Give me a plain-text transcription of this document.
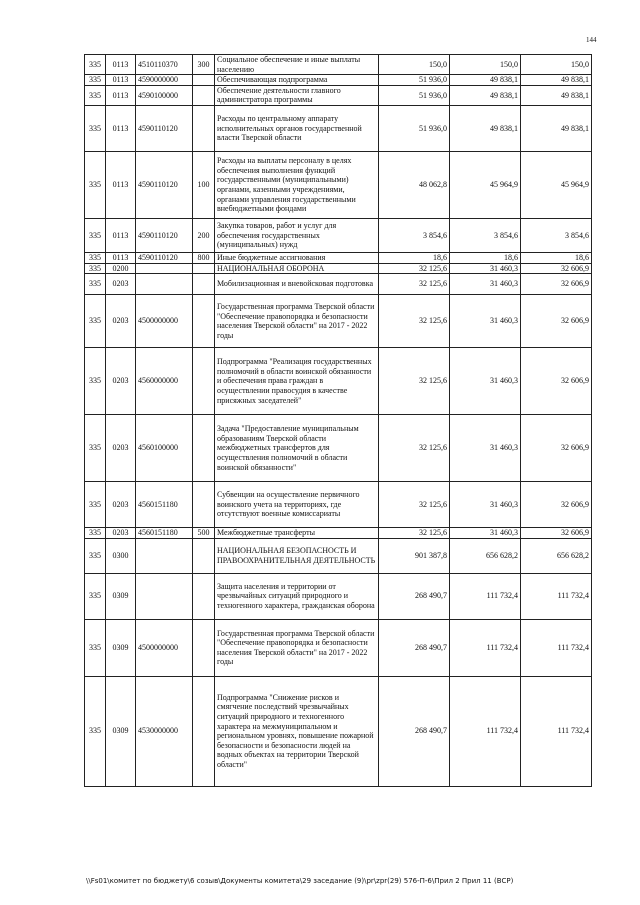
144
335	0113	4510110370	300	Социальное обеспечение и иные выплаты населению	150,0	150,0	150,0
335	0113	4590000000		Обеспечивающая подпрограмма	51 936,0	49 838,1	49 838,1
335	0113	4590100000		Обеспечение деятельности главного администратора программы	51 936,0	49 838,1	49 838,1
335	0113	4590110120		Расходы по центральному аппарату исполнительных органов государственной власти Тверской области	51 936,0	49 838,1	49 838,1
335	0113	4590110120	100	Расходы на выплаты персоналу в целях обеспечения выполнения функций государственными (муниципальными) органами, казенными учреждениями, органами управления государственными внебюджетными фондами	48 062,8	45 964,9	45 964,9
335	0113	4590110120	200	Закупка товаров, работ и услуг для обеспечения государственных (муниципальных) нужд	3 854,6	3 854,6	3 854,6
335	0113	4590110120	800	Иные бюджетные ассигнования	18,6	18,6	18,6
335	0200			НАЦИОНАЛЬНАЯ ОБОРОНА	32 125,6	31 460,3	32 606,9
335	0203			Мобилизационная и вневойсковая подготовка	32 125,6	31 460,3	32 606,9
335	0203	4500000000		Государственная программа Тверской области "Обеспечение правопорядка и безопасности населения Тверской области" на 2017 - 2022 годы	32 125,6	31 460,3	32 606,9
335	0203	4560000000		Подпрограмма "Реализация государственных полномочий в области воинской обязанности и обеспечения права граждан в осуществлении правосудия в качестве присяжных заседателей"	32 125,6	31 460,3	32 606,9
335	0203	4560100000		Задача "Предоставление муниципальным образованиям Тверской области межбюджетных трансфертов для осуществления полномочий в области воинской обязанности"	32 125,6	31 460,3	32 606,9
335	0203	4560151180		Субвенции на осуществление первичного воинского учета на территориях, где отсутствуют военные комиссариаты	32 125,6	31 460,3	32 606,9
335	0203	4560151180	500	Межбюджетные трансферты	32 125,6	31 460,3	32 606,9
335	0300			НАЦИОНАЛЬНАЯ БЕЗОПАСНОСТЬ И ПРАВООХРАНИТЕЛЬНАЯ ДЕЯТЕЛЬНОСТЬ	901 387,8	656 628,2	656 628,2
335	0309			Защита населения и территории от чрезвычайных ситуаций природного и техногенного характера, гражданская оборона	268 490,7	111 732,4	111 732,4
335	0309	4500000000		Государственная программа Тверской области "Обеспечение правопорядка и безопасности населения Тверской области" на 2017 - 2022 годы	268 490,7	111 732,4	111 732,4
335	0309	4530000000		Подпрограмма "Снижение рисков и смягчение последствий чрезвычайных ситуаций природного и техногенного характера на межмуниципальном и региональном уровнях, повышение пожарной безопасности и безопасности людей на водных объектах на территории Тверской области"	268 490,7	111 732,4	111 732,4
\\Fs01\комитет по бюджету\6 созыв\Документы комитета\29 заседание (9)\pr\zpr(29) 576-П-6\Прил 2 Прил 11 (ВСР)
